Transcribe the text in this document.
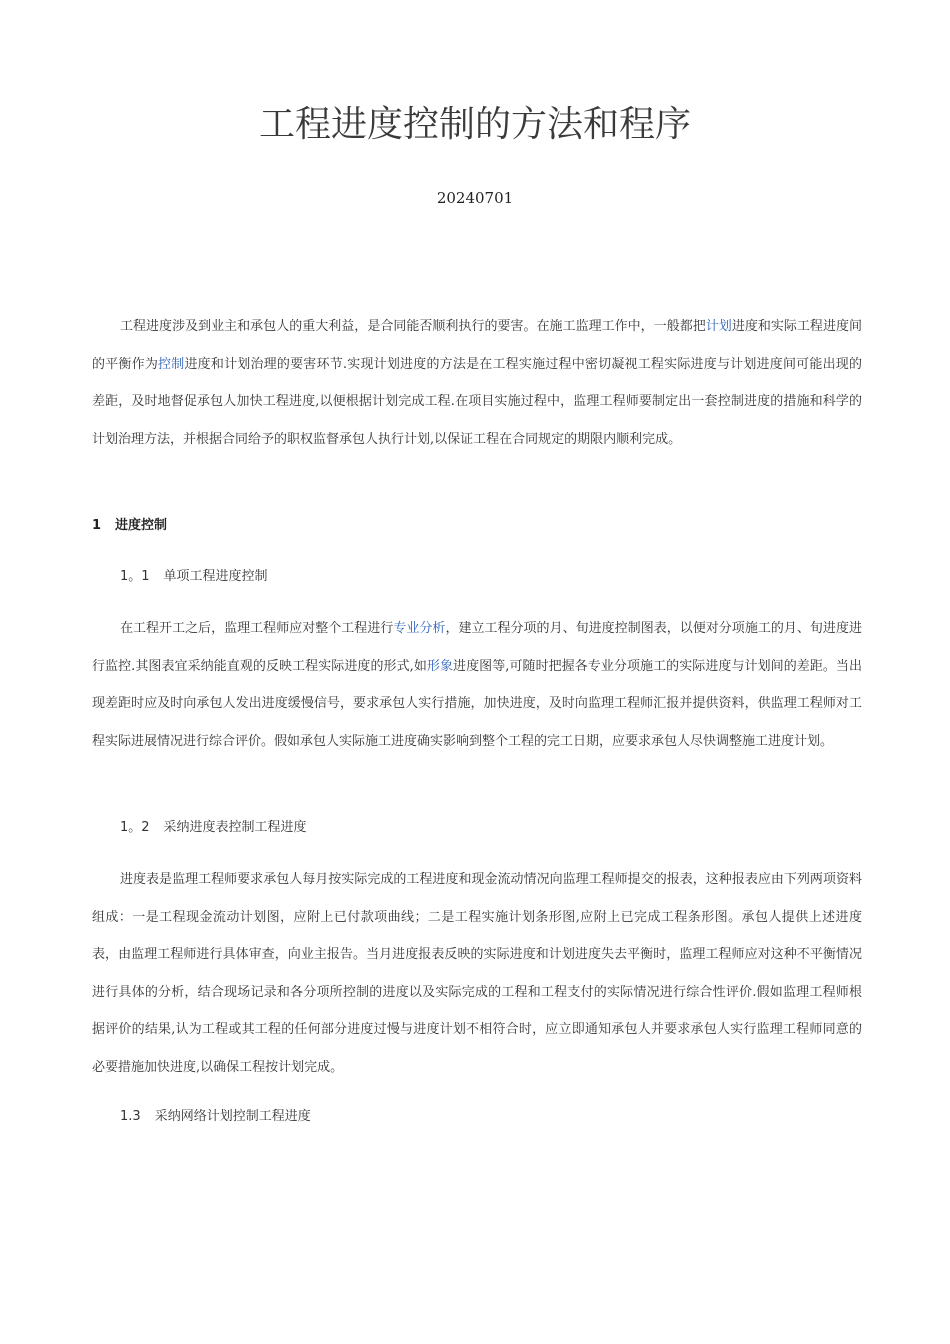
工程进度控制的方法和程序
20240701

工程进度涉及到业主和承包人的重大利益，是合同能否顺利执行的要害。在施工监理工作中，一般都把计划进度和实际工程进度间的平衡作为控制进度和计划治理的要害环节.实现计划进度的方法是在工程实施过程中密切凝视工程实际进度与计划进度间可能出现的差距，及时地督促承包人加快工程进度,以便根据计划完成工程.在项目实施过程中，监理工程师要制定出一套控制进度的措施和科学的计划治理方法，并根据合同给予的职权监督承包人执行计划,以保证工程在合同规定的期限内顺利完成。

1 进度控制
1。1 单项工程进度控制

在工程开工之后，监理工程师应对整个工程进行专业分析，建立工程分项的月、旬进度控制图表，以便对分项施工的月、旬进度进行监控.其图表宜采纳能直观的反映工程实际进度的形式,如形象进度图等,可随时把握各专业分项施工的实际进度与计划间的差距。当出现差距时应及时向承包人发出进度缓慢信号，要求承包人实行措施，加快进度，及时向监理工程师汇报并提供资料，供监理工程师对工程实际进展情况进行综合评价。假如承包人实际施工进度确实影响到整个工程的完工日期，应要求承包人尽快调整施工进度计划。

1。2 采纳进度表控制工程进度

进度表是监理工程师要求承包人每月按实际完成的工程进度和现金流动情况向监理工程师提交的报表，这种报表应由下列两项资料组成：一是工程现金流动计划图，应附上已付款项曲线；二是工程实施计划条形图,应附上已完成工程条形图。承包人提供上述进度表，由监理工程师进行具体审查，向业主报告。当月进度报表反映的实际进度和计划进度失去平衡时，监理工程师应对这种不平衡情况进行具体的分析，结合现场记录和各分项所控制的进度以及实际完成的工程和工程支付的实际情况进行综合性评价.假如监理工程师根据评价的结果,认为工程或其工程的任何部分进度过慢与进度计划不相符合时，应立即通知承包人并要求承包人实行监理工程师同意的必要措施加快进度,以确保工程按计划完成。

1.3 采纳网络计划控制工程进度
